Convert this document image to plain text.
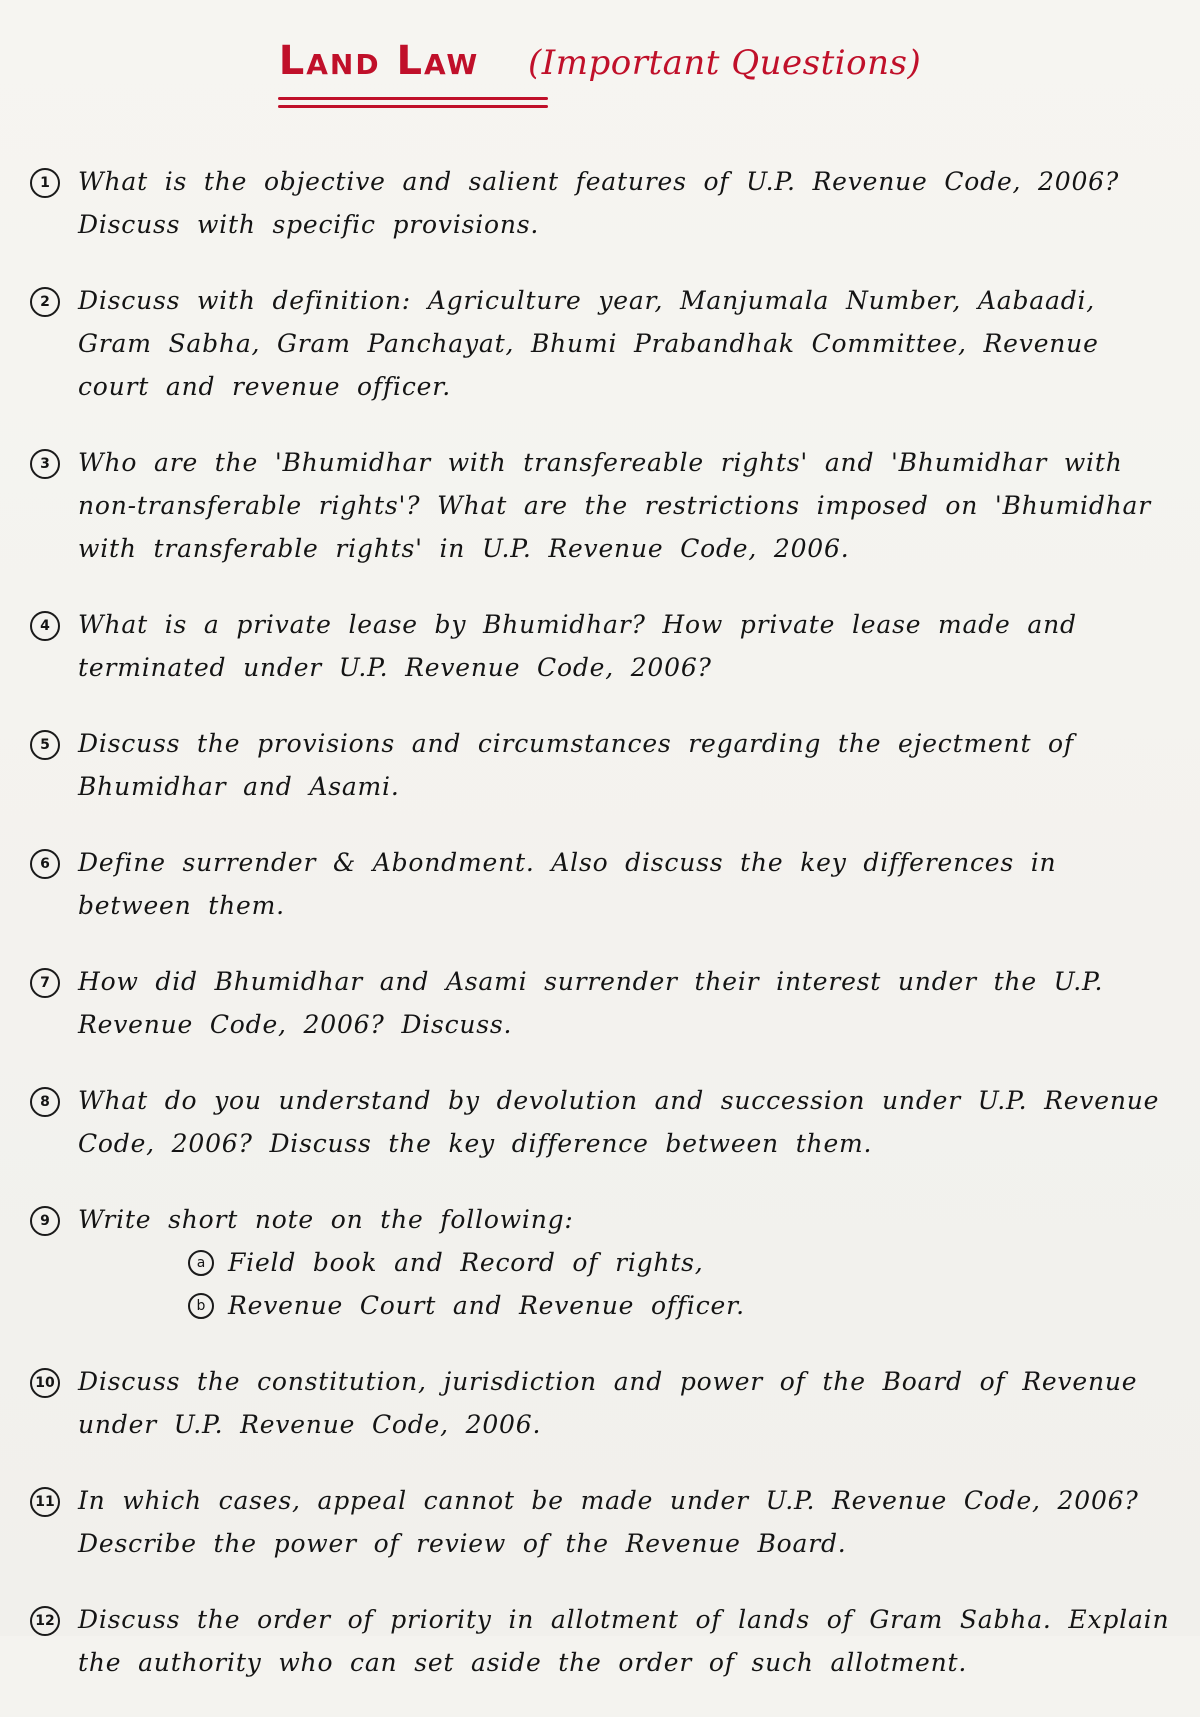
Land Law (Important Questions)
1	What is the objective and salient features of U.P. Revenue Code, 2006? Discuss with specific provisions.
2	Discuss with definition: Agriculture year, Manjumala Number, Aabaadi, Gram Sabha, Gram Panchayat, Bhumi Prabandhak Committee, Revenue court and revenue officer.
3	Who are the 'Bhumidhar with transfereable rights' and 'Bhumidhar with non-transferable rights'? What are the restrictions imposed on 'Bhumidhar with transferable rights' in U.P. Revenue Code, 2006.
4	What is a private lease by Bhumidhar? How private lease made and terminated under U.P. Revenue Code, 2006?
5	Discuss the provisions and circumstances regarding the ejectment of Bhumidhar and Asami.
6	Define surrender & Abondment. Also discuss the key differences in between them.
7	How did Bhumidhar and Asami surrender their interest under the U.P. Revenue Code, 2006? Discuss.
8	What do you understand by devolution and succession under U.P. Revenue Code, 2006? Discuss the key difference between them.
9	Write short note on the following:
a Field book and Record of rights,
b Revenue Court and Revenue officer.
10 Discuss the constitution, jurisdiction and power of the Board of Revenue under U.P. Revenue Code, 2006.
11 In which cases, appeal cannot be made under U.P. Revenue Code, 2006? Describe the power of review of the Revenue Board.
12 Discuss the order of priority in allotment of lands of Gram Sabha. Explain the authority who can set aside the order of such allotment.
